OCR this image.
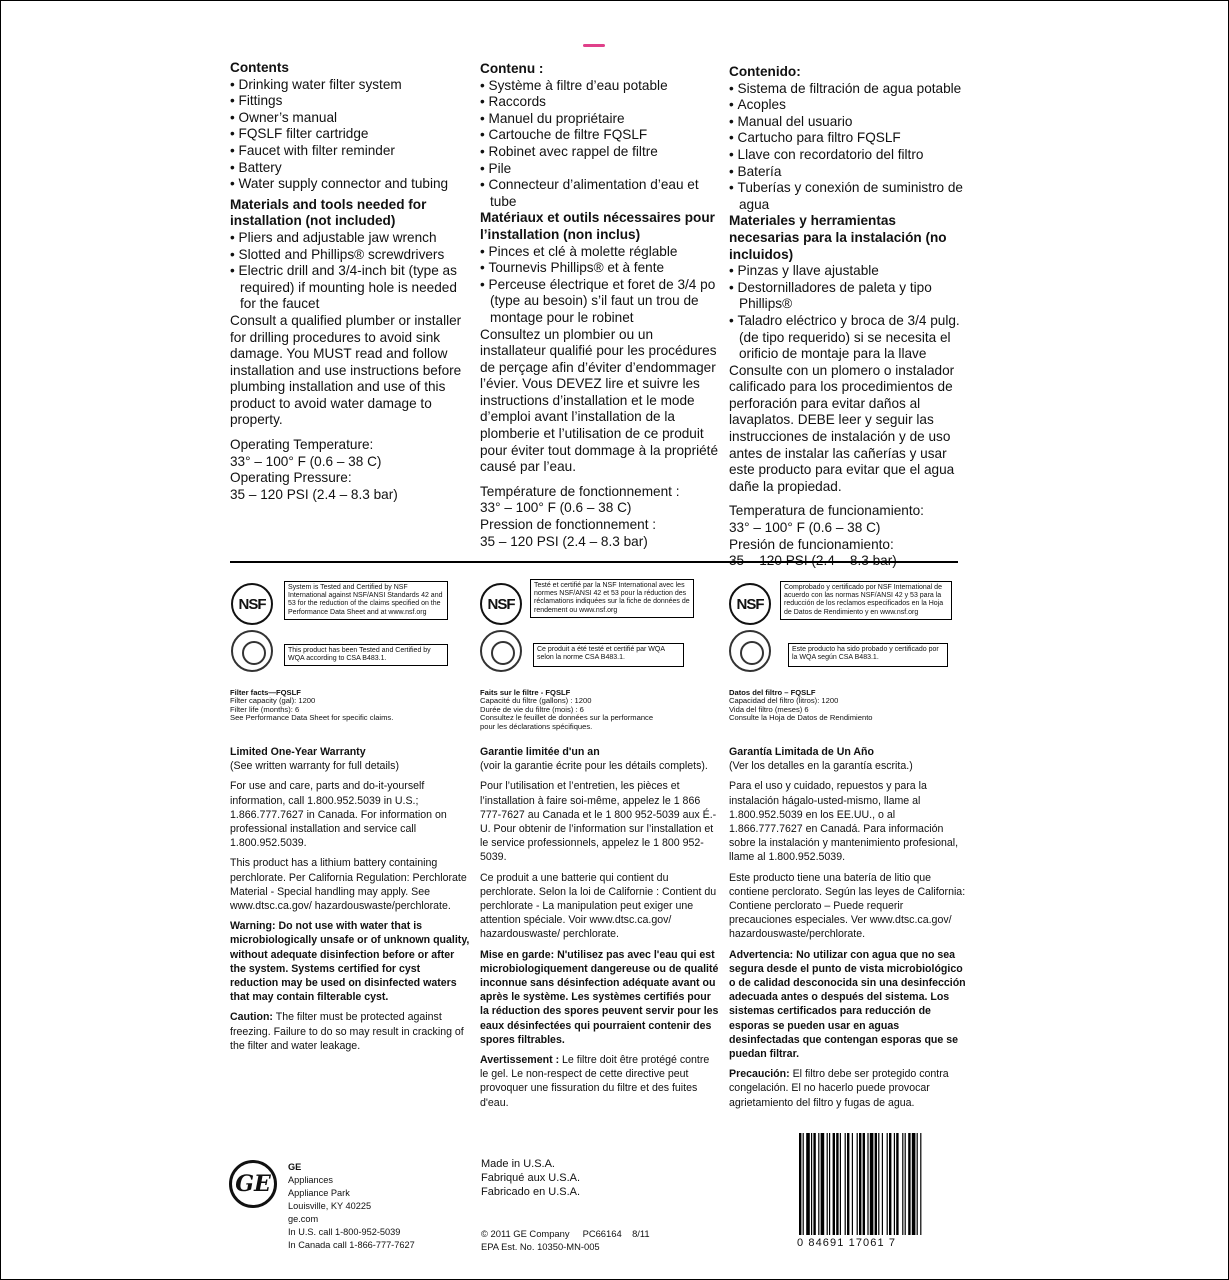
Contents
• Drinking water filter system
• Fittings
• Owner’s manual
• FQSLF filter cartridge
• Faucet with filter reminder
• Battery
• Water supply connector and tubing
Materials and tools needed for installation (not included)
• Pliers and adjustable jaw wrench
• Slotted and Phillips® screwdrivers
• Electric drill and 3/4-inch bit (type as required) if mounting hole is needed for the faucet

Consult a qualified plumber or installer for drilling procedures to avoid sink damage. You MUST read and follow installation and use instructions before plumbing installation and use of this product to avoid water damage to property.

Operating Temperature:

33° – 100° F (0.6 – 38 C)

Operating Pressure:

35 – 120 PSI (2.4 – 8.3 bar)

Contenu :
• Système à filtre d’eau potable
• Raccords
• Manuel du propriétaire
• Cartouche de filtre FQSLF
• Robinet avec rappel de filtre
• Pile
• Connecteur d’alimentation d’eau et tube
Matériaux et outils nécessaires pour l’installation (non inclus)
• Pinces et clé à molette réglable
• Tournevis Phillips® et à fente
• Perceuse électrique et foret de 3/4 po (type au besoin) s’il faut un trou de montage pour le robinet

Consultez un plombier ou un installateur qualifié pour les procédures de perçage afin d’éviter d’endommager l’évier. Vous DEVEZ lire et suivre les instructions d’installation et le mode d’emploi avant l’installation de la plomberie et l’utilisation de ce produit pour éviter tout dommage à la propriété causé par l’eau.

Température de fonctionnement :

33° – 100° F (0.6 – 38 C)

Pression de fonctionnement :

35 – 120 PSI (2.4 – 8.3 bar)

Contenido:
• Sistema de filtración de agua potable
• Acoples
• Manual del usuario
• Cartucho para filtro FQSLF
• Llave con recordatorio del filtro
• Batería
• Tuberías y conexión de suministro de agua
Materiales y herramientas necesarias para la instalación (no incluidos)
• Pinzas y llave ajustable
• Destornilladores de paleta y tipo Phillips®
• Taladro eléctrico y broca de 3/4 pulg. (de tipo requerido) si se necesita el orificio de montaje para la llave

Consulte con un plomero o instalador calificado para los procedimientos de perforación para evitar daños al lavaplatos. DEBE leer y seguir las instrucciones de instalación y de uso antes de instalar las cañerías y usar este producto para evitar que el agua dañe la propiedad.

Temperatura de funcionamiento:

33° – 100° F (0.6 – 38 C)

Presión de funcionamiento:

NSF
System is Tested and Certified by NSF International against NSF/ANSI Standards 42 and 53 for the reduction of the claims specified on the Performance Data Sheet and at www.nsf.org
This product has been Tested and Certified by WQA according to CSA B483.1.
Filter facts—FQSLF
Filter capacity (gal): 1200
Filter life (months): 6
See Performance Data Sheet for specific claims.
NSF
Testé et certifié par la NSF International avec les normes NSF/ANSI 42 et 53 pour la réduction des réclamations indiquées sur la fiche de données de rendement ou www.nsf.org
Ce produit a été testé et certifié par WQA selon la norme CSA B483.1.
Faits sur le filtre - FQSLF
Capacité du filtre (gallons) : 1200
Durée de vie du filtre (mois) : 6
Consultez le feuillet de données sur la performance pour les déclarations spécifiques.
NSF
Comprobado y certificado por NSF International de acuerdo con las normas NSF/ANSI 42 y 53 para la reducción de los reclamos especificados en la Hoja de Datos de Rendimiento y en www.nsf.org
Este producto ha sido probado y certificado por la WQA según CSA B483.1.
Datos del filtro – FQSLF
Capacidad del filtro (litros): 1200
Vida del filtro (meses) 6
Consulte la Hoja de Datos de Rendimiento
Limited One-Year Warranty

(See written warranty for full details)

For use and care, parts and do-it-yourself information, call 1.800.952.5039 in U.S.; 1.866.777.7627 in Canada. For information on professional installation and service call 1.800.952.5039.

This product has a lithium battery containing perchlorate. Per California Regulation: Perchlorate Material - Special handling may apply. See www.dtsc.ca.gov/ hazardouswaste/perchlorate.

Warning: Do not use with water that is microbiologically unsafe or of unknown quality, without adequate disinfection before or after the system. Systems certified for cyst reduction may be used on disinfected waters that may contain filterable cyst.

Caution: The filter must be protected against freezing. Failure to do so may result in cracking of the filter and water leakage.

Garantie limitée d'un an

(voir la garantie écrite pour les détails complets).

Pour l’utilisation et l’entretien, les pièces et l’installation à faire soi-même, appelez le 1 866 777-7627 au Canada et le 1 800 952-5039 aux É.-U. Pour obtenir de l’information sur l’installation et le service professionnels, appelez le 1 800 952-5039.

Ce produit a une batterie qui contient du perchlorate. Selon la loi de Californie : Contient du perchlorate - La manipulation peut exiger une attention spéciale. Voir www.dtsc.ca.gov/ hazardouswaste/ perchlorate.

Mise en garde: N'utilisez pas avec l'eau qui est microbiologiquement dangereuse ou de qualité inconnue sans désinfection adéquate avant ou après le système. Les systèmes certifiés pour la réduction des spores peuvent servir pour les eaux désinfectées qui pourraient contenir des spores filtrables.

Avertissement : Le filtre doit être protégé contre le gel. Le non-respect de cette directive peut provoquer une fissuration du filtre et des fuites d'eau.

Garantía Limitada de Un Año

(Ver los detalles en la garantía escrita.)

Para el uso y cuidado, repuestos y para la instalación hágalo-usted-mismo, llame al 1.800.952.5039 en los EE.UU., o al 1.866.777.7627 en Canadá. Para información sobre la instalación y mantenimiento profesional, llame al 1.800.952.5039.

Este producto tiene una batería de litio que contiene perclorato. Según las leyes de California: Contiene perclorato – Puede requerir precauciones especiales. Ver www.dtsc.ca.gov/ hazardouswaste/perchlorate.

Advertencia: No utilizar con agua que no sea segura desde el punto de vista microbiológico o de calidad desconocida sin una desinfección adecuada antes o después del sistema. Los sistemas certificados para reducción de esporas se pueden usar en aguas desinfectadas que contengan esporas que se puedan filtrar.

Precaución: El filtro debe ser protegido contra congelación. El no hacerlo puede provocar agrietamiento del filtro y fugas de agua.

GE
GE
Appliances
Appliance Park
Louisville, KY 40225
ge.com
In U.S. call 1-800-952-5039
In Canada call 1-866-777-7627
Made in U.S.A.
Fabriqué aux U.S.A.
Fabricado en U.S.A.
© 2011 GE Company     PC66164    8/11
EPA Est. No. 10350-MN-005	0 84691 17061 7
